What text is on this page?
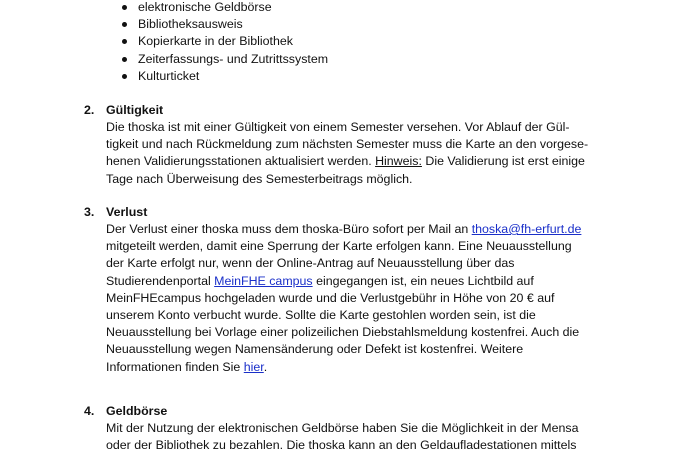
elektronische Geldbörse
Bibliotheksausweis
Kopierkarte in der Bibliothek
Zeiterfassungs- und Zutrittssystem
Kulturticket
2. Gültigkeit
Die thoska ist mit einer Gültigkeit von einem Semester versehen. Vor Ablauf der Gül-
tigkeit und nach Rückmeldung zum nächsten Semester muss die Karte an den vorgese-
henen Validierungsstationen aktualisiert werden. Hinweis: Die Validierung ist erst einige
Tage nach Überweisung des Semesterbeitrags möglich.
3. Verlust
Der Verlust einer thoska muss dem thoska-Büro sofort per Mail an thoska@fh-erfurt.de
mitgeteilt werden, damit eine Sperrung der Karte erfolgen kann. Eine Neuausstellung
der Karte erfolgt nur, wenn der Online-Antrag auf Neuausstellung über das
Studierendenportal MeinFHE campus eingegangen ist, ein neues Lichtbild auf
MeinFHEcampus hochgeladen wurde und die Verlustgebühr in Höhe von 20 € auf
unserem Konto verbucht wurde. Sollte die Karte gestohlen worden sein, ist die
Neuausstellung bei Vorlage einer polizeilichen Diebstahlsmeldung kostenfrei. Auch die
Neuausstellung wegen Namensänderung oder Defekt ist kostenfrei. Weitere
Informationen finden Sie hier.
4. Geldbörse
Mit der Nutzung der elektronischen Geldbörse haben Sie die Möglichkeit in der Mensa
oder der Bibliothek zu bezahlen. Die thoska kann an den Geldaufladestationen mittels
